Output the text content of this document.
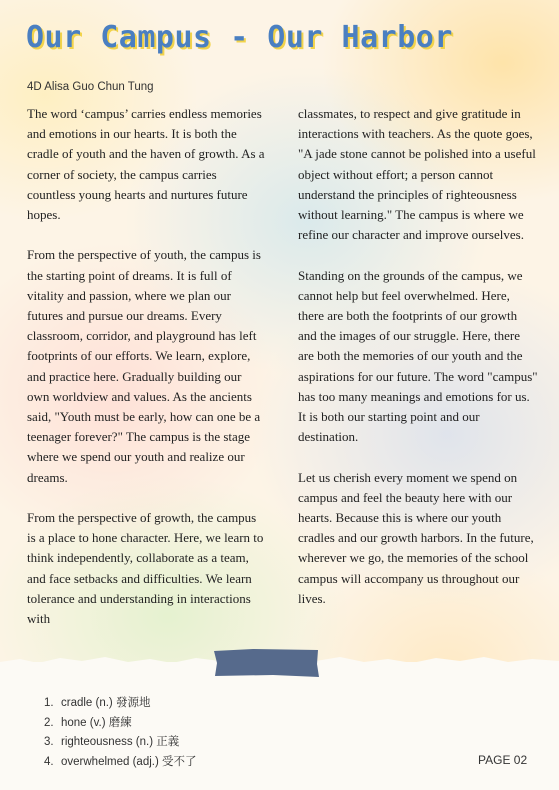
Our Campus - Our Harbor
4D Alisa Guo Chun Tung

The word ‘campus’ carries endless memories and emotions in our hearts. It is both the cradle of youth and the haven of growth. As a corner of society, the campus carries countless young hearts and nurtures future hopes.

From the perspective of youth, the campus is the starting point of dreams. It is full of vitality and passion, where we plan our futures and pursue our dreams. Every classroom, corridor, and playground has left footprints of our efforts. We learn, explore, and practice here. Gradually building our own worldview and values. As the ancients said, "Youth must be early, how can one be a teenager forever?" The campus is the stage where we spend our youth and realize our dreams.

From the perspective of growth, the campus is a place to hone character. Here, we learn to think independently, collaborate as a team, and face setbacks and difficulties. We learn tolerance and understanding in interactions with

classmates, to respect and give gratitude in interactions with teachers. As the quote goes, "A jade stone cannot be polished into a useful object without effort; a person cannot understand the principles of righteousness without learning." The campus is where we refine our character and improve ourselves.

Standing on the grounds of the campus, we cannot help but feel overwhelmed. Here, there are both the footprints of our growth and the images of our struggle. Here, there are both the memories of our youth and the aspirations for our future. The word "campus" has too many meanings and emotions for us. It is both our starting point and our destination.

Let us cherish every moment we spend on campus and feel the beauty here with our hearts. Because this is where our youth cradles and our growth harbors. In the future, wherever we go, the memories of the school campus will accompany us throughout our lives.

1. cradle (n.) 發源地
2. hone (v.) 磨練
3. righteousness (n.) 正義
4. overwhelmed (adj.) 受不了	PAGE 02
